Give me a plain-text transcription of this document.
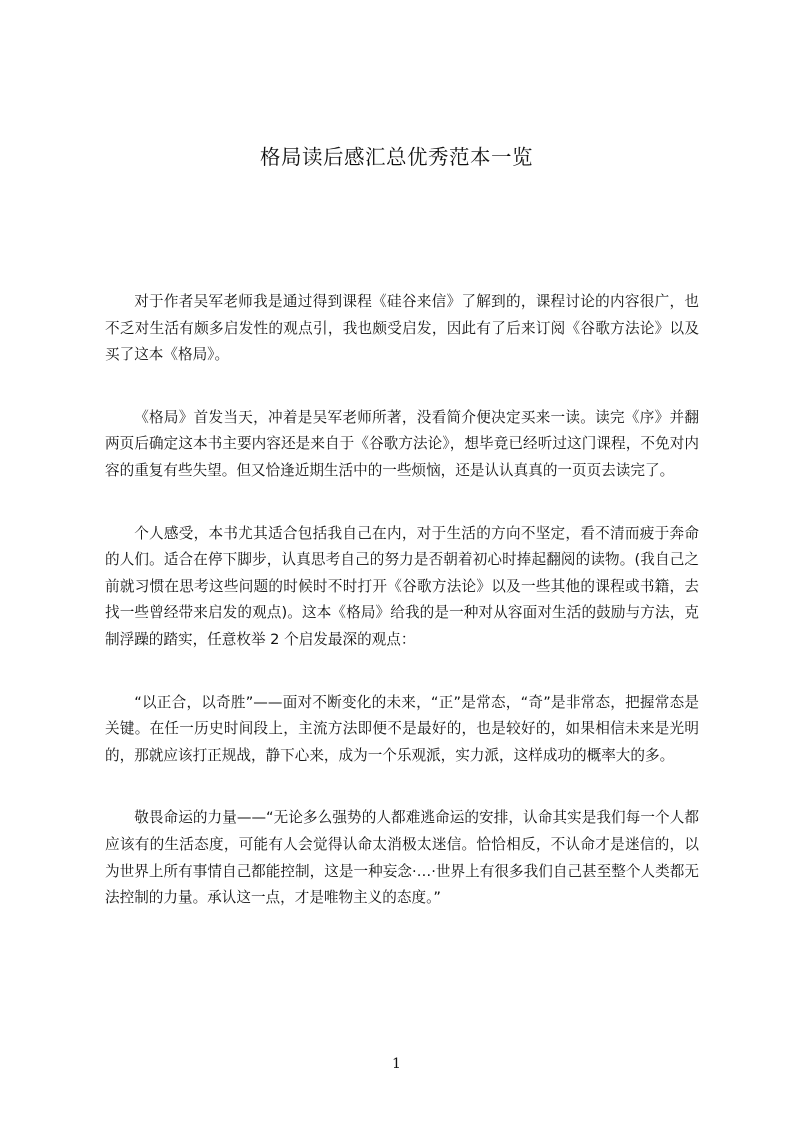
格局读后感汇总优秀范本一览

对于作者吴军老师我是通过得到课程《硅谷来信》了解到的，课程讨论的内容很广，也不乏对生活有颇多启发性的观点引，我也颇受启发，因此有了后来订阅《谷歌方法论》以及买了这本《格局》。

《格局》首发当天，冲着是吴军老师所著，没看简介便决定买来一读。读完《序》并翻两页后确定这本书主要内容还是来自于《谷歌方法论》，想毕竟已经听过这门课程，不免对内容的重复有些失望。但又恰逢近期生活中的一些烦恼，还是认认真真的一页页去读完了。

个人感受，本书尤其适合包括我自己在内，对于生活的方向不坚定，看不清而疲于奔命的人们。适合在停下脚步，认真思考自己的努力是否朝着初心时捧起翻阅的读物。(我自己之前就习惯在思考这些问题的时候时不时打开《谷歌方法论》以及一些其他的课程或书籍，去找一些曾经带来启发的观点)。这本《格局》给我的是一种对从容面对生活的鼓励与方法，克制浮躁的踏实，任意枚举 2 个启发最深的观点：

“以正合，以奇胜”——面对不断变化的未来，“正”是常态，“奇”是非常态，把握常态是关键。在任一历史时间段上，主流方法即便不是最好的，也是较好的，如果相信未来是光明的，那就应该打正规战，静下心来，成为一个乐观派，实力派，这样成功的概率大的多。

敬畏命运的力量——“无论多么强势的人都难逃命运的安排，认命其实是我们每一个人都应该有的生活态度，可能有人会觉得认命太消极太迷信。恰恰相反，不认命才是迷信的，以为世界上所有事情自己都能控制，这是一种妄念·…·世界上有很多我们自己甚至整个人类都无法控制的力量。承认这一点，才是唯物主义的态度。”

1
